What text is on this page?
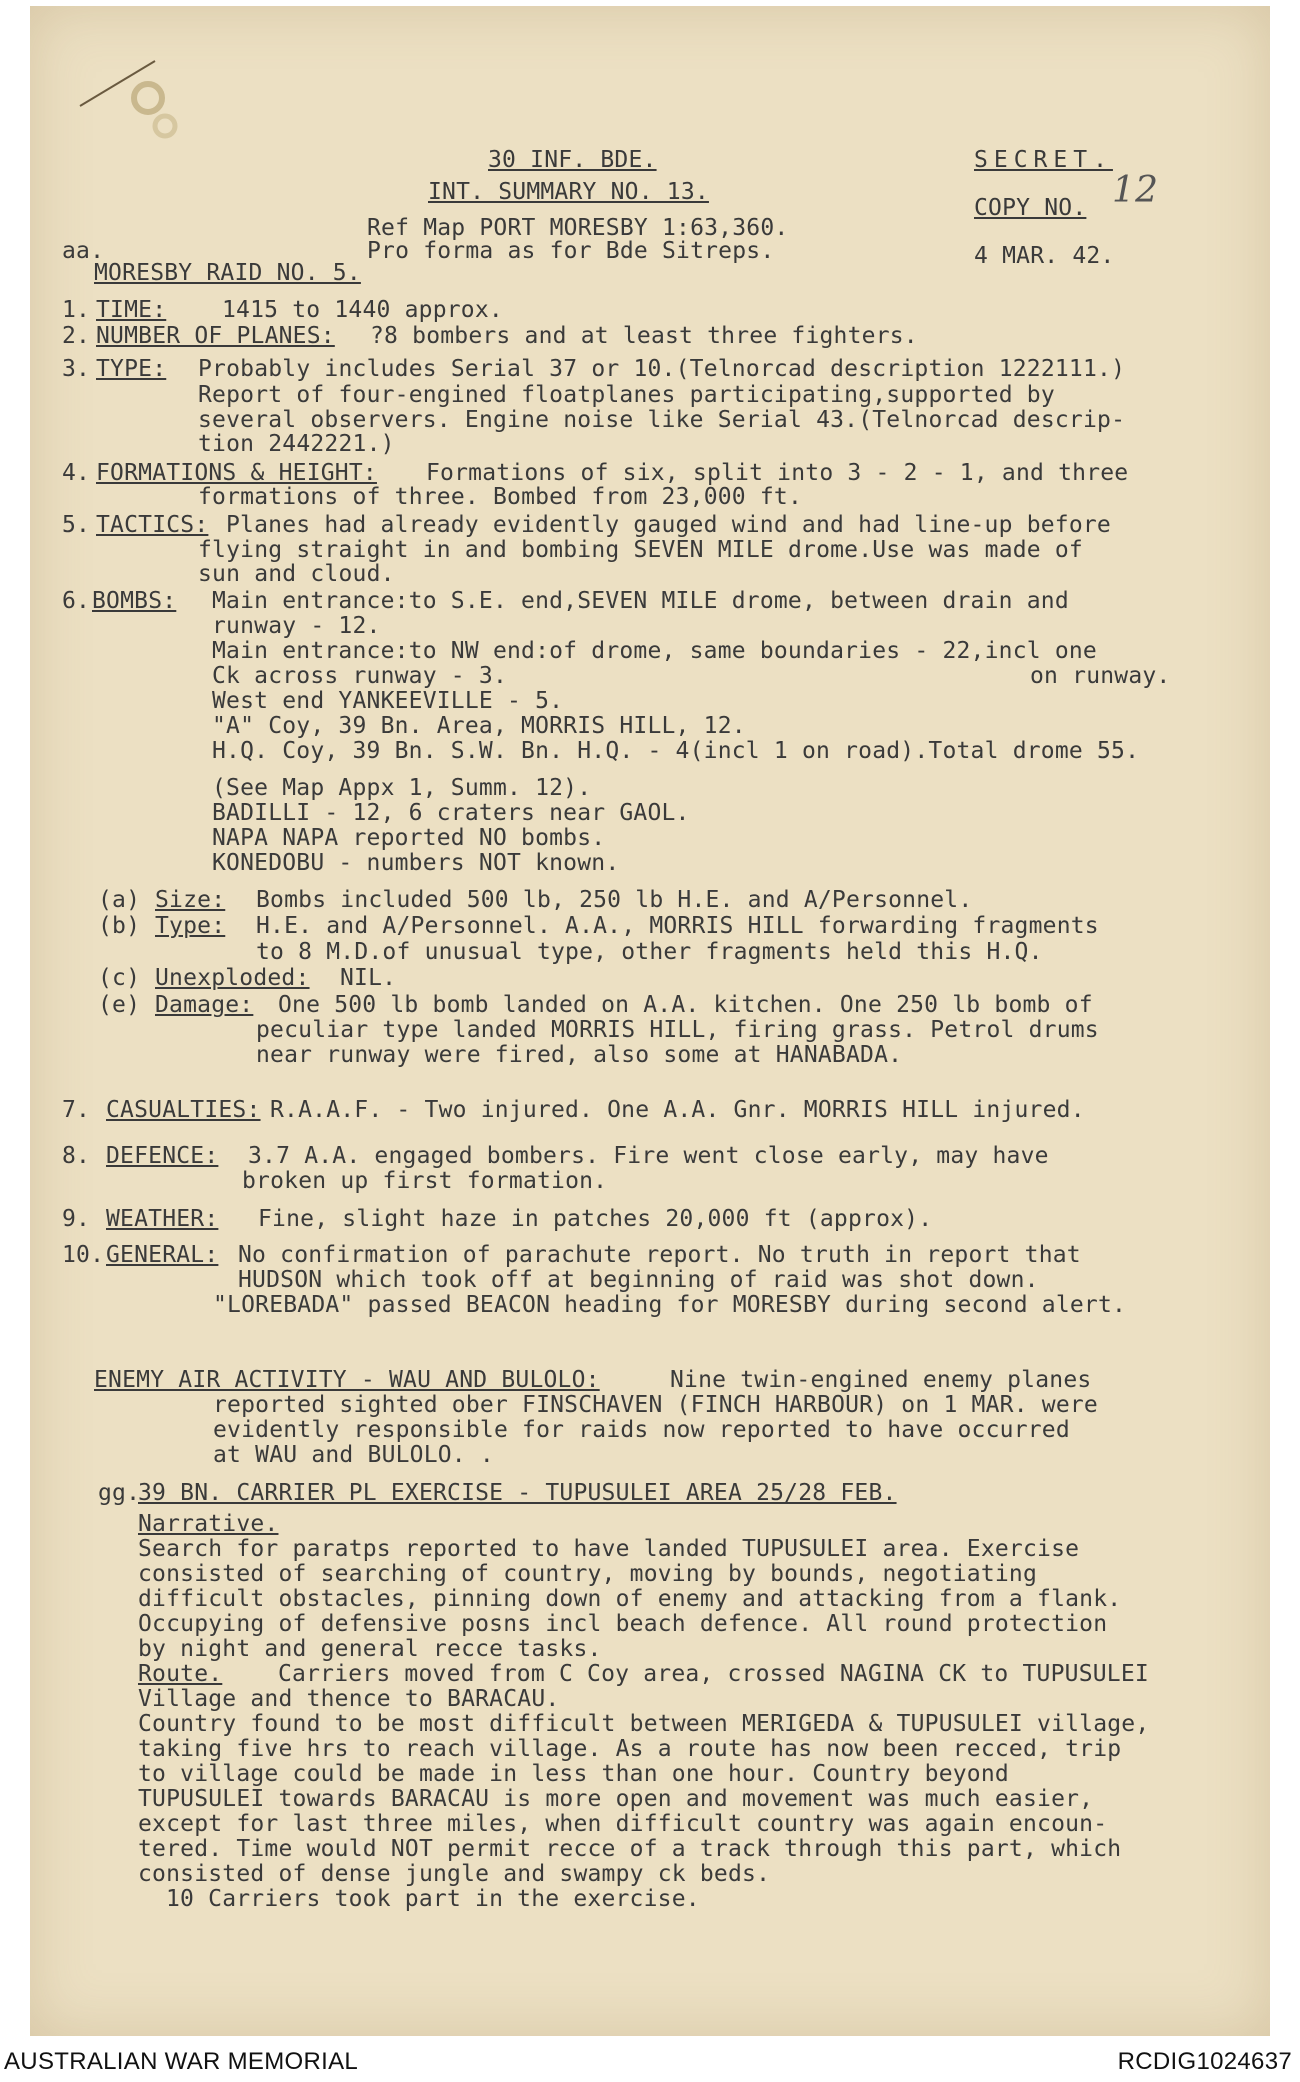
30 INF. BDE.
INT. SUMMARY NO. 13.
Ref Map PORT MORESBY 1:63,360.
Pro forma as for Bde Sitreps.
SECRET.
COPY NO. 12
4 MAR. 42.
aa.
MORESBY RAID NO. 5.
1. TIME: 1415 to 1440 approx.
2. NUMBER OF PLANES: ?8 bombers and at least three fighters.
3. TYPE: Probably includes Serial 37 or 10.(Telnorcad description 1222111.)
Report of four-engined floatplanes participating,supported by
several observers. Engine noise like Serial 43.(Telnorcad descrip-
tion 2442221.)
4. FORMATIONS & HEIGHT: Formations of six, split into 3 - 2 - 1, and three
formations of three. Bombed from 23,000 ft.
5. TACTICS: Planes had already evidently gauged wind and had line-up before
flying straight in and bombing SEVEN MILE drome.Use was made of
sun and cloud.
6. BOMBS: Main entrance:to S.E. end,SEVEN MILE drome, between drain and
runway - 12.
Main entrance:to NW end:of drome, same boundaries - 22,incl one
Ck across runway - 3.	on runway.
West end YANKEEVILLE - 5.
"A" Coy, 39 Bn. Area, MORRIS HILL, 12.
H.Q. Coy, 39 Bn. S.W. Bn. H.Q. - 4(incl 1 on road).Total drome 55.
(See Map Appx 1, Summ. 12).
BADILLI - 12, 6 craters near GAOL.
NAPA NAPA reported NO bombs.
KONEDOBU - numbers NOT known.
(a) Size: Bombs included 500 lb, 250 lb H.E. and A/Personnel.
(b) Type: H.E. and A/Personnel. A.A., MORRIS HILL forwarding fragments
to 8 M.D.of unusual type, other fragments held this H.Q.
(c) Unexploded: NIL.
(e) Damage: One 500 lb bomb landed on A.A. kitchen. One 250 lb bomb of
peculiar type landed MORRIS HILL, firing grass. Petrol drums
near runway were fired, also some at HANABADA.
7. CASUALTIES: R.A.A.F. - Two injured. One A.A. Gnr. MORRIS HILL injured.
8. DEFENCE: 3.7 A.A. engaged bombers. Fire went close early, may have
broken up first formation.
9. WEATHER: Fine, slight haze in patches 20,000 ft (approx).
10. GENERAL: No confirmation of parachute report. No truth in report that
HUDSON which took off at beginning of raid was shot down.
"LOREBADA" passed BEACON heading for MORESBY during second alert.
ENEMY AIR ACTIVITY - WAU AND BULOLO:	Nine twin-engined enemy planes
reported sighted ober FINSCHAVEN (FINCH HARBOUR) on 1 MAR. were
evidently responsible for raids now reported to have occurred
at WAU and BULOLO. .
gg.
39 BN. CARRIER PL EXERCISE - TUPUSULEI AREA 25/28 FEB.
Narrative.
Search for paratps reported to have landed TUPUSULEI area. Exercise
consisted of searching of country, moving by bounds, negotiating
difficult obstacles, pinning down of enemy and attacking from a flank.
Occupying of defensive posns incl beach defence. All round protection
by night and general recce tasks.
Route. Carriers moved from C Coy area, crossed NAGINA CK to TUPUSULEI
Village and thence to BARACAU.
Country found to be most difficult between MERIGEDA & TUPUSULEI village,
taking five hrs to reach village. As a route has now been recced, trip
to village could be made in less than one hour. Country beyond
TUPUSULEI towards BARACAU is more open and movement was much easier,
except for last three miles, when difficult country was again encoun-
tered. Time would NOT permit recce of a track through this part, which
consisted of dense jungle and swampy ck beds.
10 Carriers took part in the exercise.
AUSTRALIAN WAR MEMORIAL	RCDIG1024637
